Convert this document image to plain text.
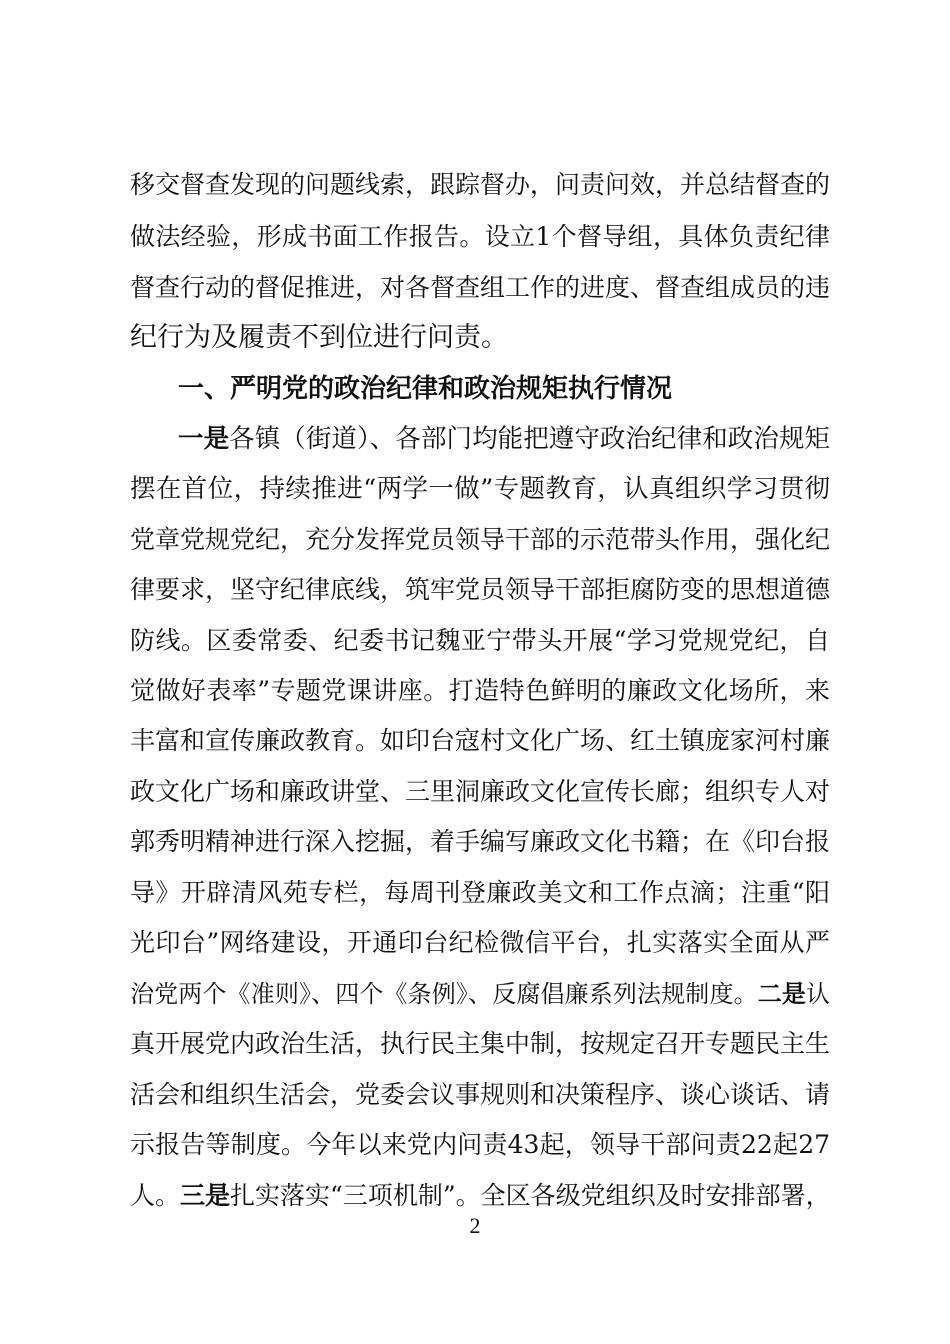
移交督查发现的问题线索，跟踪督办，问责问效，并总结督查的
做法经验，形成书面工作报告。设立1个督导组，具体负责纪律
督查行动的督促推进，对各督查组工作的进度、督查组成员的违
纪行为及履责不到位进行问责。
一、严明党的政治纪律和政治规矩执行情况
一是各镇（街道）、各部门均能把遵守政治纪律和政治规矩
摆在首位，持续推进“两学一做”专题教育，认真组织学习贯彻
党章党规党纪，充分发挥党员领导干部的示范带头作用，强化纪
律要求，坚守纪律底线，筑牢党员领导干部拒腐防变的思想道德
防线。区委常委、纪委书记魏亚宁带头开展“学习党规党纪，自
觉做好表率”专题党课讲座。打造特色鲜明的廉政文化场所，来
丰富和宣传廉政教育。如印台寇村文化广场、红土镇庞家河村廉
政文化广场和廉政讲堂、三里洞廉政文化宣传长廊；组织专人对
郭秀明精神进行深入挖掘，着手编写廉政文化书籍；在《印台报
导》开辟清风苑专栏，每周刊登廉政美文和工作点滴；注重“阳
光印台”网络建设，开通印台纪检微信平台，扎实落实全面从严
治党两个《准则》、四个《条例》、反腐倡廉系列法规制度。二是认
真开展党内政治生活，执行民主集中制，按规定召开专题民主生
活会和组织生活会，党委会议事规则和决策程序、谈心谈话、请
示报告等制度。今年以来党内问责43起，领导干部问责22起27
人。三是扎实落实“三项机制”。全区各级党组织及时安排部署，
2
